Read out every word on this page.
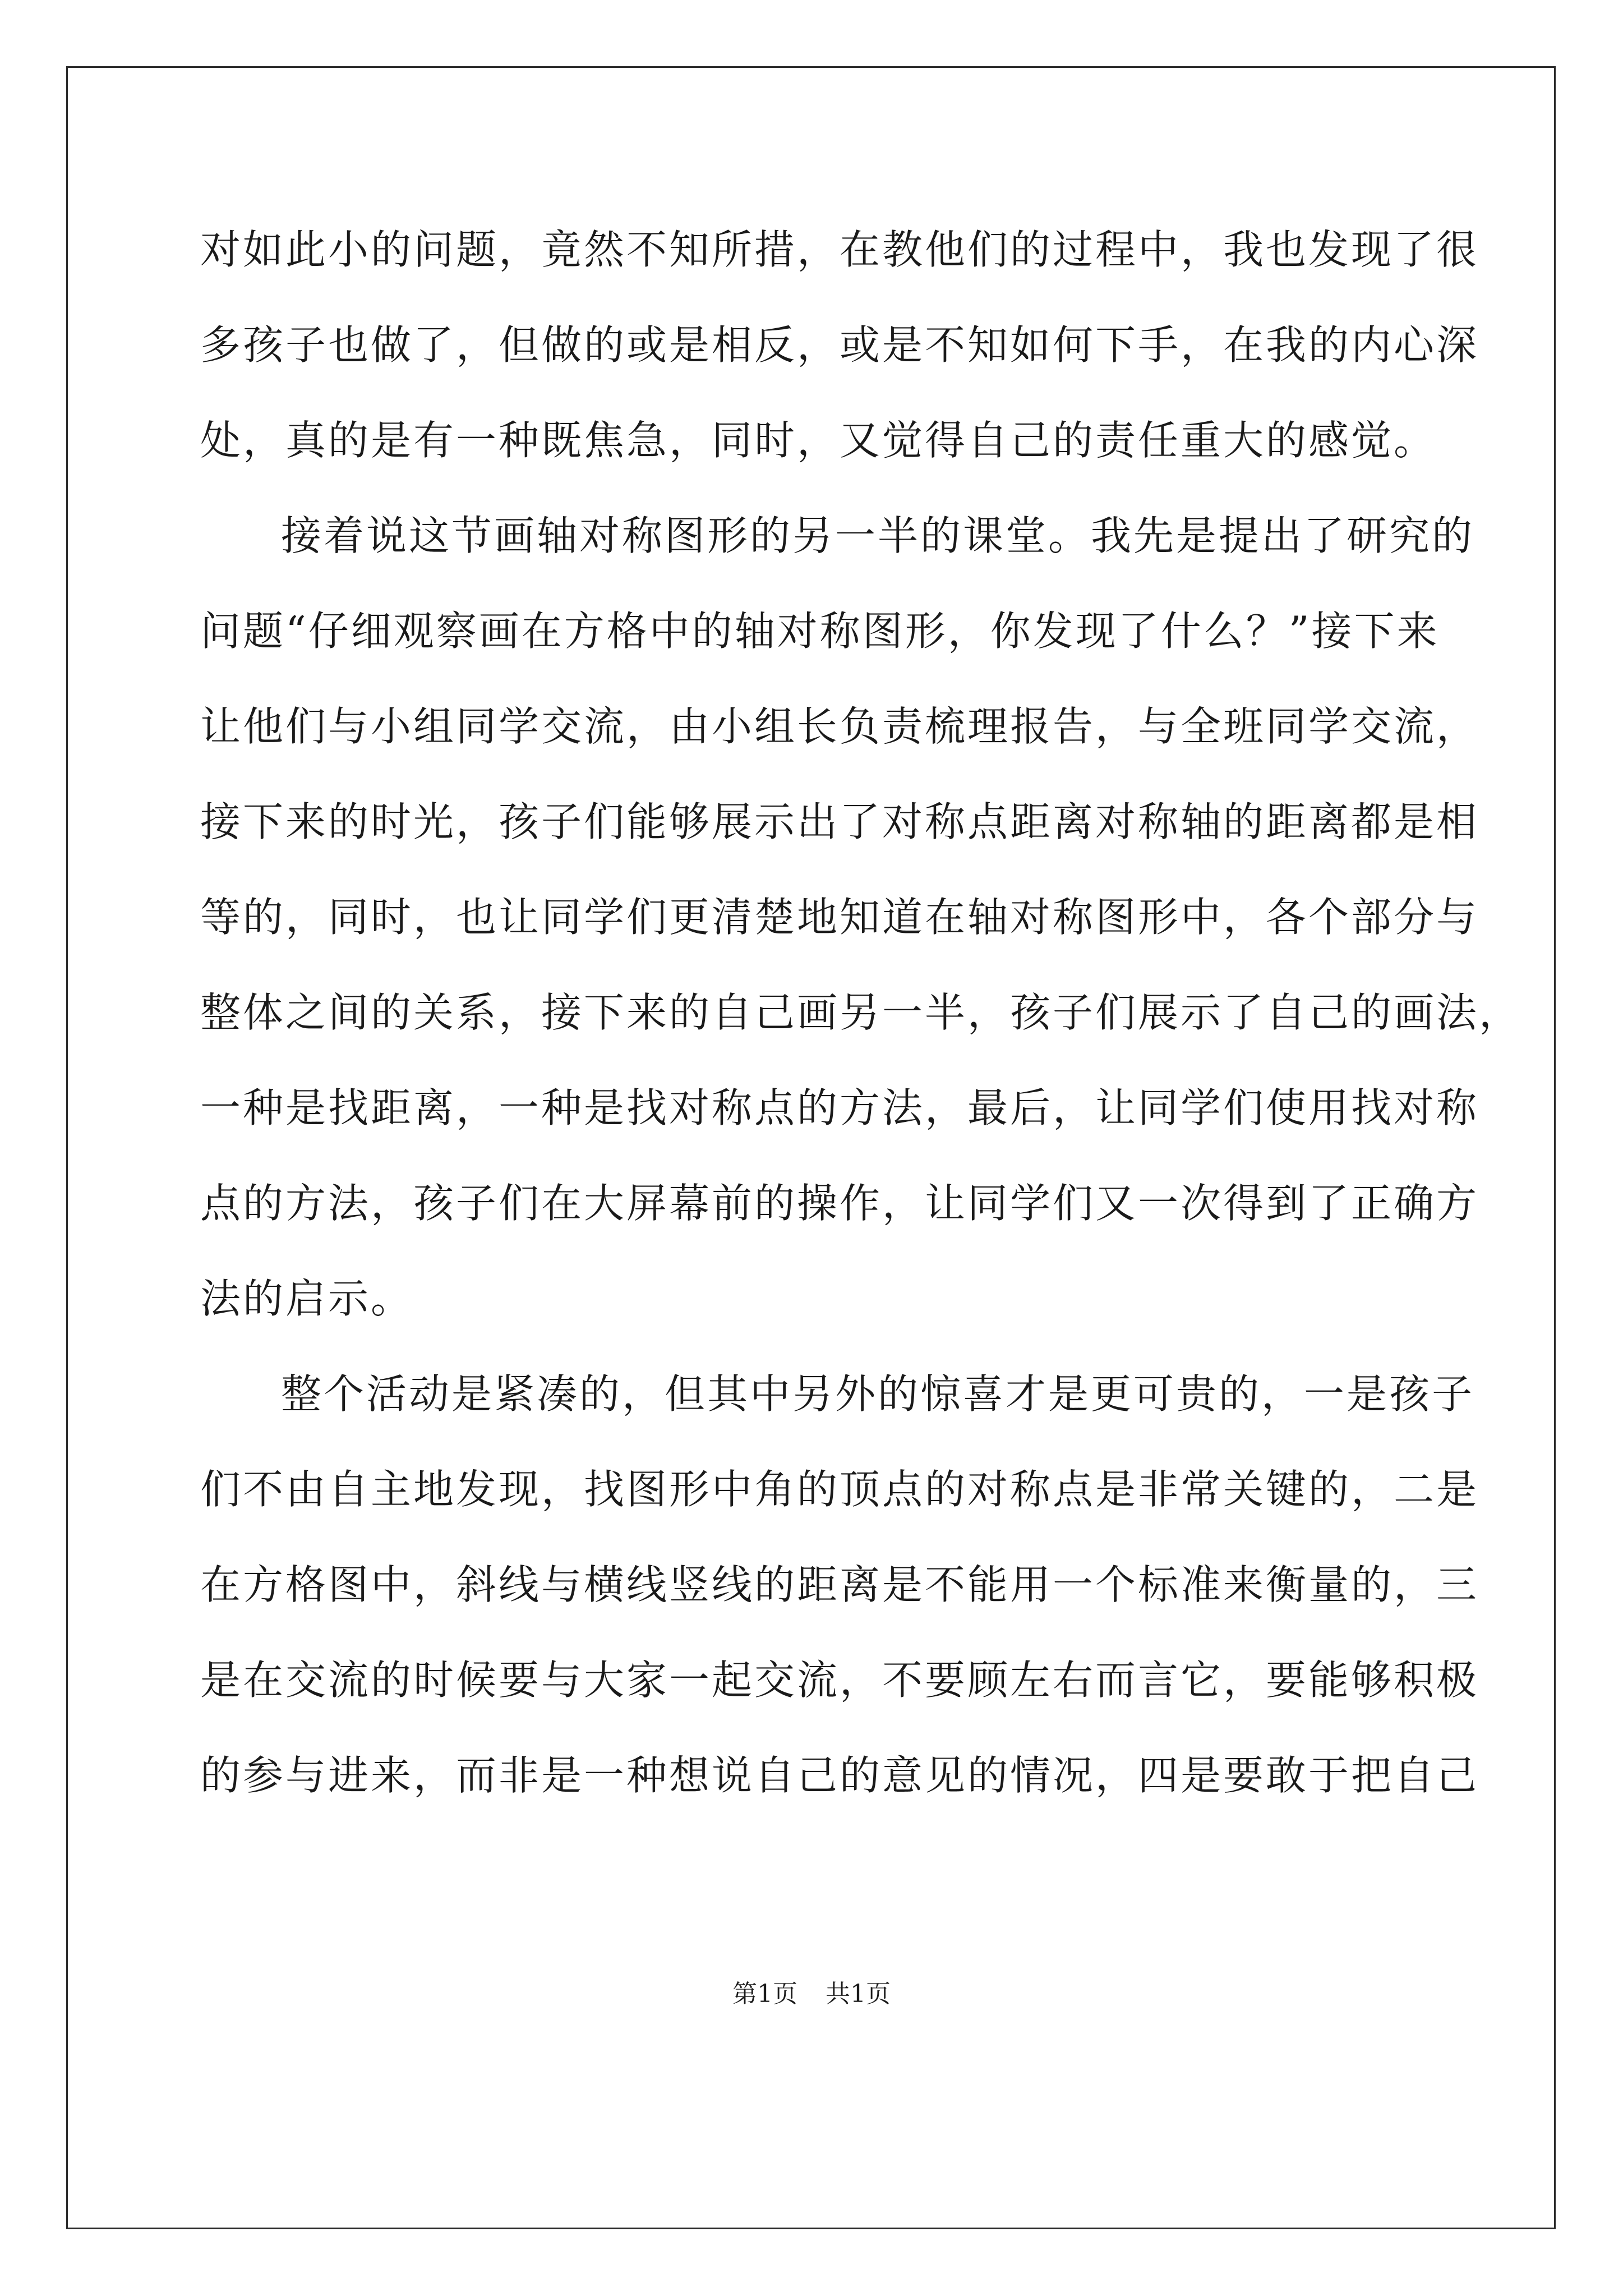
对如此小的问题，竟然不知所措，在教他们的过程中，我也发现了很
多孩子也做了，但做的或是相反，或是不知如何下手，在我的内心深
处，真的是有一种既焦急，同时，又觉得自己的责任重大的感觉。
接着说这节画轴对称图形的另一半的课堂。我先是提出了研究的
问题“仔细观察画在方格中的轴对称图形，你发现了什么？”接下来
让他们与小组同学交流，由小组长负责梳理报告，与全班同学交流，
接下来的时光，孩子们能够展示出了对称点距离对称轴的距离都是相
等的，同时，也让同学们更清楚地知道在轴对称图形中，各个部分与
整体之间的关系，接下来的自己画另一半，孩子们展示了自己的画法，
一种是找距离，一种是找对称点的方法，最后，让同学们使用找对称
点的方法，孩子们在大屏幕前的操作，让同学们又一次得到了正确方
法的启示。
整个活动是紧凑的，但其中另外的惊喜才是更可贵的，一是孩子
们不由自主地发现，找图形中角的顶点的对称点是非常关键的，二是
在方格图中，斜线与横线竖线的距离是不能用一个标准来衡量的，三
是在交流的时候要与大家一起交流，不要顾左右而言它，要能够积极
的参与进来，而非是一种想说自己的意见的情况，四是要敢于把自己
第1页 共1页
